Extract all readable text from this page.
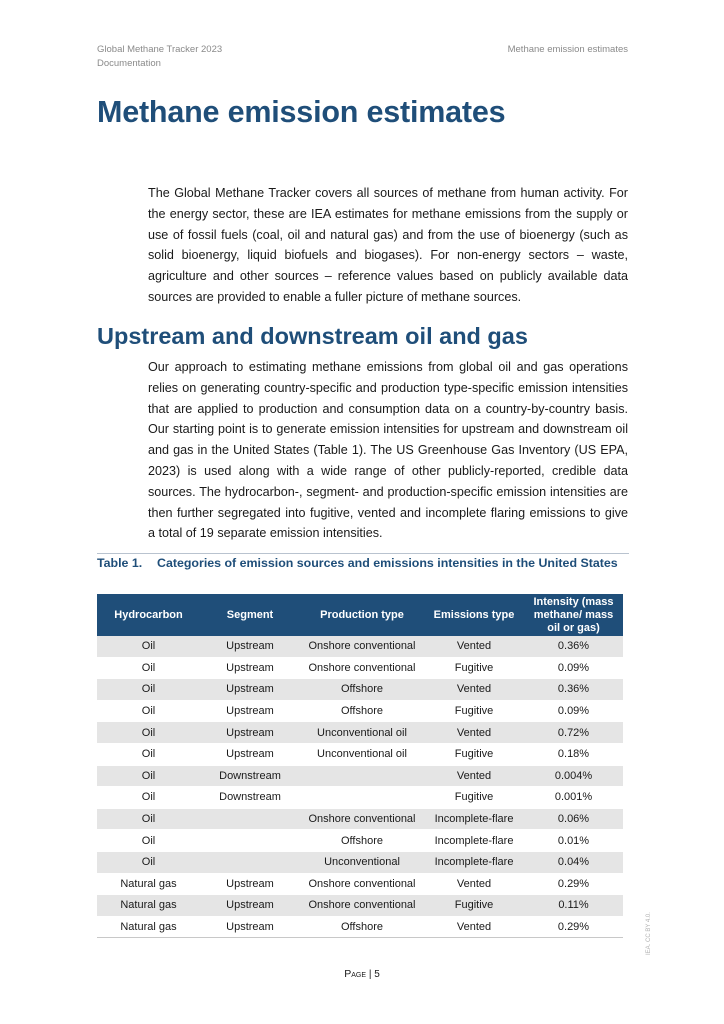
Global Methane Tracker 2023
Documentation
Methane emission estimates
Methane emission estimates

The Global Methane Tracker covers all sources of methane from human activity. For the energy sector, these are IEA estimates for methane emissions from the supply or use of fossil fuels (coal, oil and natural gas) and from the use of bioenergy (such as solid bioenergy, liquid biofuels and biogases). For non-energy sectors – waste, agriculture and other sources – reference values based on publicly available data sources are provided to enable a fuller picture of methane sources.

Upstream and downstream oil and gas

Our approach to estimating methane emissions from global oil and gas operations relies on generating country-specific and production type-specific emission intensities that are applied to production and consumption data on a country-by-country basis. Our starting point is to generate emission intensities for upstream and downstream oil and gas in the United States (Table 1). The US Greenhouse Gas Inventory (US EPA, 2023) is used along with a wide range of other publicly-reported, credible data sources. The hydrocarbon-, segment- and production-specific emission intensities are then further segregated into fugitive, vented and incomplete flaring emissions to give a total of 19 separate emission intensities.

Table 1. Categories of emission sources and emissions intensities in the United States
Hydrocarbon	Segment	Production type	Emissions type	Intensity (mass methane/ mass oil or gas)
Oil	Upstream	Onshore conventional	Vented	0.36%
Oil	Upstream	Onshore conventional	Fugitive	0.09%
Oil	Upstream	Offshore	Vented	0.36%
Oil	Upstream	Offshore	Fugitive	0.09%
Oil	Upstream	Unconventional oil	Vented	0.72%
Oil	Upstream	Unconventional oil	Fugitive	0.18%
Oil	Downstream		Vented	0.004%
Oil	Downstream		Fugitive	0.001%
Oil		Onshore conventional	Incomplete-flare	0.06%
Oil		Offshore	Incomplete-flare	0.01%
Oil		Unconventional	Incomplete-flare	0.04%
Natural gas	Upstream	Onshore conventional	Vented	0.29%
Natural gas	Upstream	Onshore conventional	Fugitive	0.11%
Natural gas	Upstream	Offshore	Vented	0.29%
Page | 5
IEA. CC BY 4.0.
